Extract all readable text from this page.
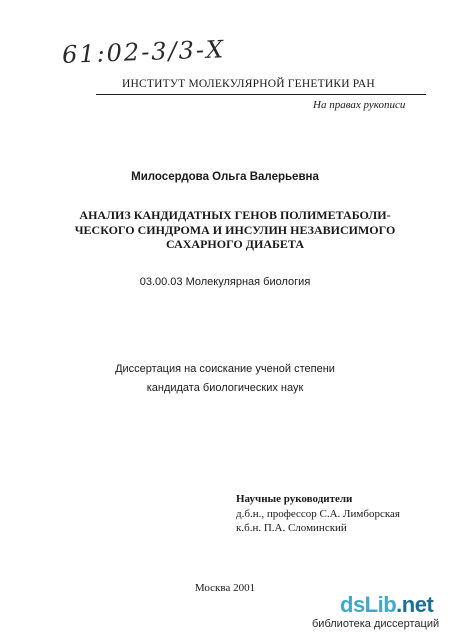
61:02-3/3-Х
ИНСТИТУТ МОЛЕКУЛЯРНОЙ ГЕНЕТИКИ РАН
На правах рукописи
Милосердова Ольга Валерьевна
АНАЛИЗ КАНДИДАТНЫХ ГЕНОВ ПОЛИМЕТАБОЛИ-
ЧЕСКОГО СИНДРОМА И ИНСУЛИН НЕЗАВИСИМОГО
САХАРНОГО ДИАБЕТА
03.00.03 Молекулярная биология
Диссертация на соискание ученой степени
кандидата биологических наук
Научные руководители
д.б.н., профессор С.А. Лимборская
к.б.н. П.А. Сломинский
Москва 2001
dsLib.net
библиотека диссертаций
